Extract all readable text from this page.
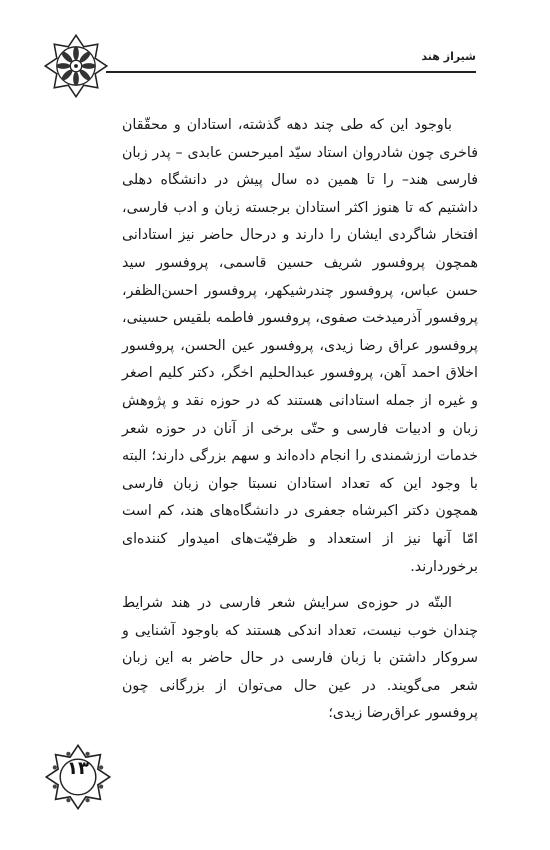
شیراز هند

باوجود این که طی چند دهه گذشته، استادان و محقّقان فاخری چون شادروان استاد سیّد امیرحسن عابدی – پدر زبان فارسی هند– را تا همین ده سال پیش در دانشگاه دهلی داشتیم که تا هنوز اکثر استادان برجسته زبان و ادب فارسی، افتخار شاگردی ایشان را دارند و درحال حاضر نیز استادانی همچون پروفسور شریف حسین قاسمی، پروفسور سید حسن عباس، پروفسور چندرشیکهر، پروفسور احسن‌الظفر، پروفسور آذرمیدخت صفوی، پروفسور فاطمه بلقیس حسینی، پروفسور عراق رضا زیدی، پروفسور عین الحسن، پروفسور اخلاق احمد آهن، پروفسور عبدالحلیم اخگر، دکتر کلیم اصغر و غیره از جمله استادانی هستند که در حوزه نقد و پژوهش زبان و ادبیات فارسی و حتّی برخی از آنان در حوزه شعر خدمات ارزشمندی را انجام داده‌اند و سهم بزرگی دارند؛ البته با وجود این که تعداد استادان نسبتا جوان زبان فارسی همچون دکتر اکبرشاه جعفری در دانشگاه‌های هند، کم است امّا آنها نیز از استعداد و ظرفیّت‌های امیدوار کننده‌ای برخوردارند.

البتّه در حوزه‌ی سرایش شعر فارسی در هند شرایط چندان خوب نیست، تعداد اندکی هستند که باوجود آشنایی و سروکار داشتن با زبان فارسی در حال حاضر به این زبان شعر می‌گویند. در عین حال می‌توان از بزرگانی چون پروفسور عراق‌رضا زیدی؛

۱۳
